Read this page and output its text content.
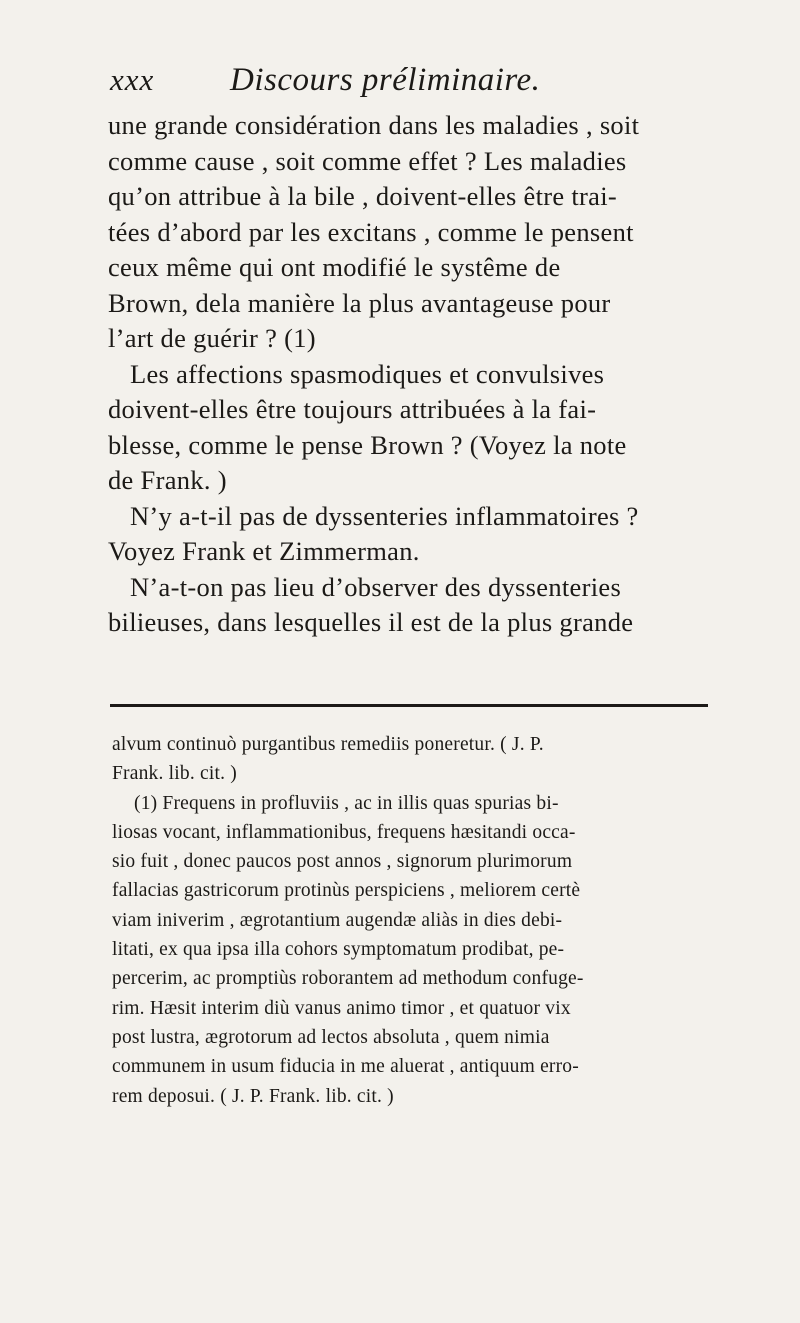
xxx Discours préliminaire.
une grande considération dans les maladies , soit
comme cause , soit comme effet ? Les maladies
qu’on attribue à la bile , doivent-elles être trai-
tées d’abord par les excitans , comme le pensent
ceux même qui ont modifié le systême de
Brown, dela manière la plus avantageuse pour
l’art de guérir ? (1)
Les affections spasmodiques et convulsives
doivent-elles être toujours attribuées à la fai-
blesse, comme le pense Brown ? (Voyez la note
de Frank. )
N’y a-t-il pas de dyssenteries inflammatoires ?
Voyez Frank et Zimmerman.
N’a-t-on pas lieu d’observer des dyssenteries
bilieuses, dans lesquelles il est de la plus grande
alvum continuò purgantibus remediis poneretur. ( J. P.
Frank. lib. cit. )
(1) Frequens in profluviis , ac in illis quas spurias bi-
liosas vocant, inflammationibus, frequens hæsitandi occa-
sio fuit , donec paucos post annos , signorum plurimorum
fallacias gastricorum protinùs perspiciens , meliorem certè
viam iniverim , ægrotantium augendæ aliàs in dies debi-
litati, ex qua ipsa illa cohors symptomatum prodibat, pe-
percerim, ac promptiùs roborantem ad methodum confuge-
rim. Hæsit interim diù vanus animo timor , et quatuor vix
post lustra, ægrotorum ad lectos absoluta , quem nimia
communem in usum fiducia in me aluerat , antiquum erro-
rem deposui. ( J. P. Frank. lib. cit. )
